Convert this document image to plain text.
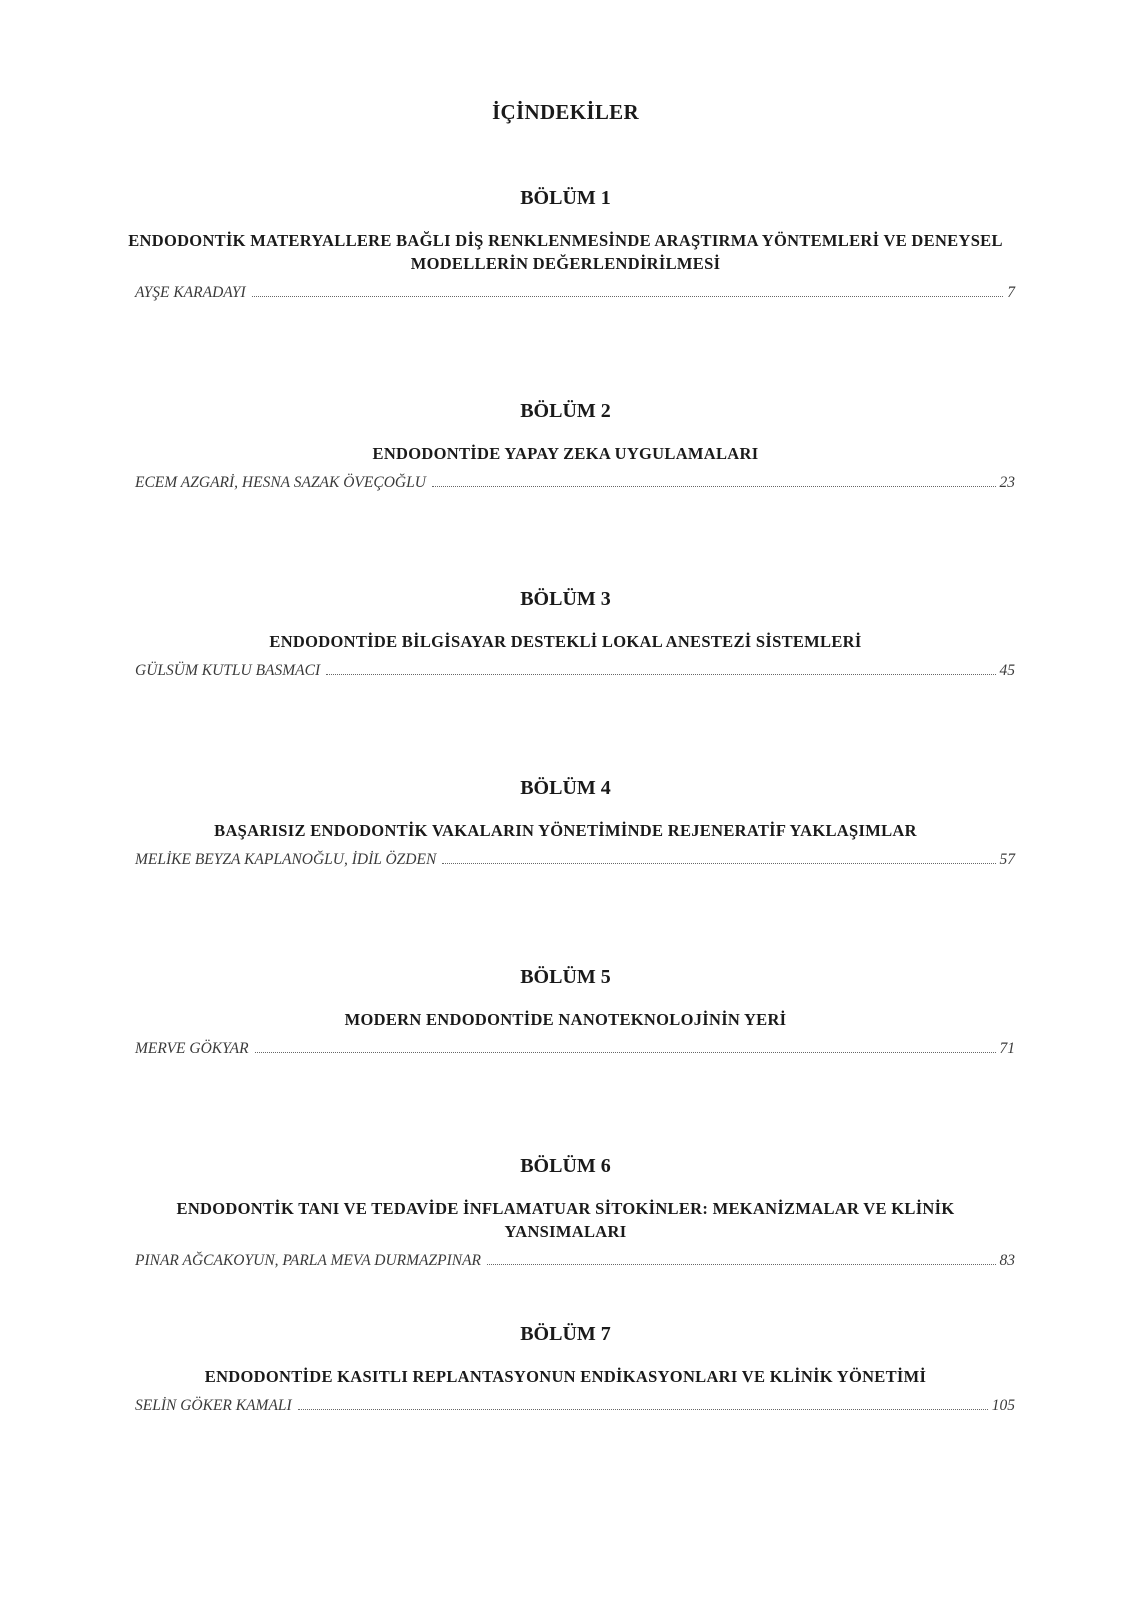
İÇİNDEKİLER
BÖLÜM 1
ENDODONTİK MATERYALLERE BAĞLI DİŞ RENKLENMESİNDE ARAŞTIRMA YÖNTEMLERİ VE DENEYSEL MODELLERİN DEĞERLENDİRİLMESİ
AYŞE KARADAYI	7
BÖLÜM 2
ENDODONTİDE YAPAY ZEKA UYGULAMALARI
ECEM AZGARİ, HESNA SAZAK ÖVEÇOĞLU	23
BÖLÜM 3
ENDODONTİDE BİLGİSAYAR DESTEKLİ LOKAL ANESTEZİ SİSTEMLERİ
GÜLSÜM KUTLU BASMACI	45
BÖLÜM 4
BAŞARISIZ ENDODONTİK VAKALARIN YÖNETİMİNDE REJENERATİF YAKLAŞIMLAR
MELİKE BEYZA KAPLANOĞLU, İDİL ÖZDEN	57
BÖLÜM 5
MODERN ENDODONTİDE NANOTEKNOLOJİNİN YERİ
MERVE GÖKYAR	71
BÖLÜM 6
ENDODONTİK TANI VE TEDAVİDE İNFLAMATUAR SİTOKİNLER: MEKANİZMALAR VE KLİNİK YANSIMALARI
PINAR AĞCAKOYUN, PARLA MEVA DURMAZPINAR	83
BÖLÜM 7
ENDODONTİDE KASITLI REPLANTASYONUN ENDİKASYONLARI VE KLİNİK YÖNETİMİ
SELİN GÖKER KAMALI	105
